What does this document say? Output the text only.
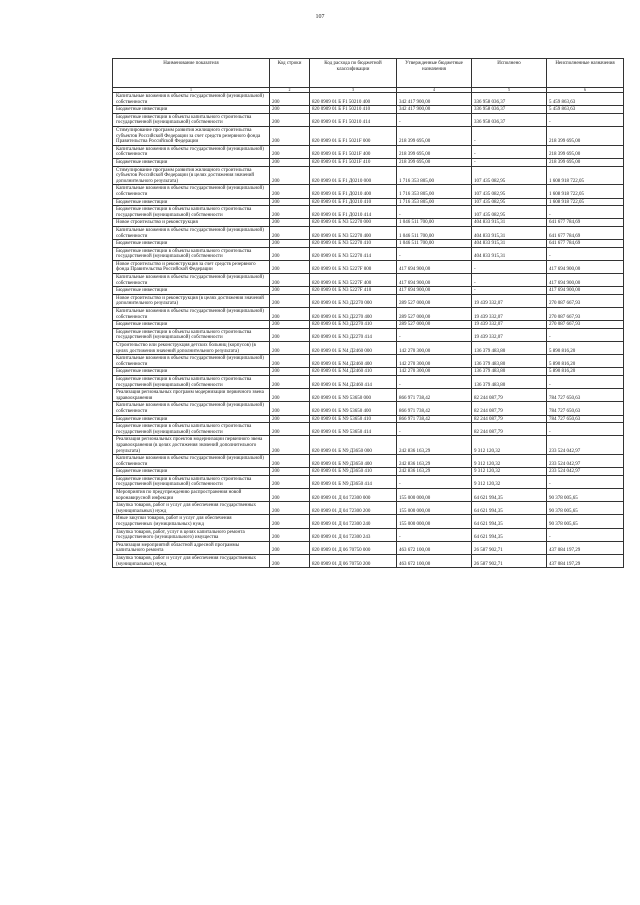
107
Наименование показателя	Код строки	Код расхода по бюджетной классификации	Утвержденные бюджетные назначения	Исполнено	Неисполненные назначения
1	2	3	4	5	6
Капитальные вложения в объекты государственной (муниципальной) собственности	200	820 0909 01 Б F1 50210 400	342 417 900,00	336 958 036,37	5 459 863,63
Бюджетные инвестиции	200	820 0909 01 Б F1 50210 410	342 417 900,00	336 958 036,37	5 459 863,63
Бюджетные инвестиции в объекты капитального строительства государственной (муниципальной) собственности	200	820 0909 01 Б F1 50210 414	-	336 958 036,37	-
Стимулирование программ развития жилищного строительства субъектов Российской Федерации за счет средств резервного фонда Правительства Российской Федерации	200	820 0909 01 Б F1 5021F 000	218 399 695,00	-	218 399 695,00
Капитальные вложения в объекты государственной (муниципальной) собственности	200	820 0909 01 Б F1 5021F 400	218 399 695,00	-	218 399 695,00
Бюджетные инвестиции	200	820 0909 01 Б F1 5021F 410	218 399 695,00	-	218 399 695,00
Стимулирование программ развития жилищного строительства субъектов Российской Федерации (в целях достижения значений дополнительного результата)	200	820 0909 01 Б F1 Д0210 000	1 716 353 805,00	107 435 082,95	1 608 918 722,05
Капитальные вложения в объекты государственной (муниципальной) собственности	200	820 0909 01 Б F1 Д0210 400	1 716 353 805,00	107 435 082,95	1 608 918 722,05
Бюджетные инвестиции	200	820 0909 01 Б F1 Д0210 410	1 716 353 805,00	107 435 082,95	1 608 918 722,05
Бюджетные инвестиции в объекты капитального строительства государственной (муниципальной) собственности	200	820 0909 01 Б F1 Д0210 414	-	107 435 082,95	-
Новое строительство и реконструкция	200	820 0909 01 Б N3 52270 000	1 046 511 700,00	404 833 915,31	641 677 784,69
Капитальные вложения в объекты государственной (муниципальной) собственности	200	820 0909 01 Б N3 52270 400	1 046 511 700,00	404 833 915,31	641 677 784,69
Бюджетные инвестиции	200	820 0909 01 Б N3 52270 410	1 046 511 700,00	404 833 915,31	641 677 784,69
Бюджетные инвестиции в объекты капитального строительства государственной (муниципальной) собственности	200	820 0909 01 Б N3 52270 414	-	404 833 915,31	-
Новое строительство и реконструкция за счет средств резервного фонда Правительства Российской Федерации	200	820 0909 01 Б N3 5227F 000	417 694 900,00	-	417 694 900,00
Капитальные вложения в объекты государственной (муниципальной) собственности	200	820 0909 01 Б N3 5227F 400	417 694 900,00	-	417 694 900,00
Бюджетные инвестиции	200	820 0909 01 Б N3 5227F 410	417 694 900,00	-	417 694 900,00
Новое строительство и реконструкция (в целях достижения значений дополнительного результата)	200	820 0909 01 Б N3 Д2270 000	289 527 000,00	19 439 332,07	270 087 667,93
Капитальные вложения в объекты государственной (муниципальной) собственности	200	820 0909 01 Б N3 Д2270 400	289 527 000,00	19 439 332,07	270 087 667,93
Бюджетные инвестиции	200	820 0909 01 Б N3 Д2270 410	289 527 000,00	19 439 332,07	270 087 667,93
Бюджетные инвестиции в объекты капитального строительства государственной (муниципальной) собственности	200	820 0909 01 Б N3 Д2270 414	-	19 439 332,07	-
Строительство или реконструкция детских больниц (корпусов) (в целях достижения значений дополнительного результата)	200	820 0909 01 Б N4 Д2460 000	142 270 300,00	136 379 483,80	5 890 816,20
Капитальные вложения в объекты государственной (муниципальной) собственности	200	820 0909 01 Б N4 Д2460 400	142 270 300,00	136 379 483,80	5 890 816,20
Бюджетные инвестиции	200	820 0909 01 Б N4 Д2460 410	142 270 300,00	136 379 483,80	5 890 816,20
Бюджетные инвестиции в объекты капитального строительства государственной (муниципальной) собственности	200	820 0909 01 Б N4 Д2460 414	-	136 379 483,80	-
Реализация региональных программ модернизации первичного звена здравоохранения	200	820 0909 01 Б N9 53650 000	866 971 738,42	82 244 087,79	784 727 650,63
Капитальные вложения в объекты государственной (муниципальной) собственности	200	820 0909 01 Б N9 53650 400	866 971 738,42	82 244 087,79	784 727 650,63
Бюджетные инвестиции	200	820 0909 01 Б N9 53650 410	866 971 738,42	82 244 087,79	784 727 650,63
Бюджетные инвестиции в объекты капитального строительства государственной (муниципальной) собственности	200	820 0909 01 Б N9 53650 414	-	82 244 087,79	-
Реализация региональных проектов модернизации первичного звена здравоохранения (в целях достижения значений дополнительного результата)	200	820 0909 01 Б N9 Д3650 000	242 836 163,29	9 312 120,32	233 524 042,97
Капитальные вложения в объекты государственной (муниципальной) собственности	200	820 0909 01 Б N9 Д3650 400	242 836 163,29	9 312 120,32	233 524 042,97
Бюджетные инвестиции	200	820 0909 01 Б N9 Д3650 410	242 836 163,29	9 312 120,32	233 524 042,97
Бюджетные инвестиции в объекты капитального строительства государственной (муниципальной) собственности	200	820 0909 01 Б N9 Д3650 414	-	9 312 120,32	-
Мероприятия по предупреждению распространения новой коронавирусной инфекции	200	820 0909 01 Д 04 72300 000	155 000 000,00	64 621 994,35	90 378 005,65
Закупка товаров, работ и услуг для обеспечения государственных (муниципальных) нужд	200	820 0909 01 Д 04 72300 200	155 000 000,00	64 621 994,35	90 378 005,65
Иные закупки товаров, работ и услуг для обеспечения государственных (муниципальных) нужд	200	820 0909 01 Д 04 72300 240	155 000 000,00	64 621 994,35	90 378 005,65
Закупка товаров, работ, услуг в целях капитального ремонта государственного (муниципального) имущества	200	820 0909 01 Д 04 72300 243	-	64 621 994,35	-
Реализация мероприятий областной адресной программы капитального ремонта	200	820 0909 01 Д 06 70750 000	463 672 100,00	26 587 902,71	437 084 197,29
Закупка товаров, работ и услуг для обеспечения государственных (муниципальных) нужд	200	820 0909 01 Д 06 70750 200	463 672 100,00	26 587 902,71	437 084 197,29
